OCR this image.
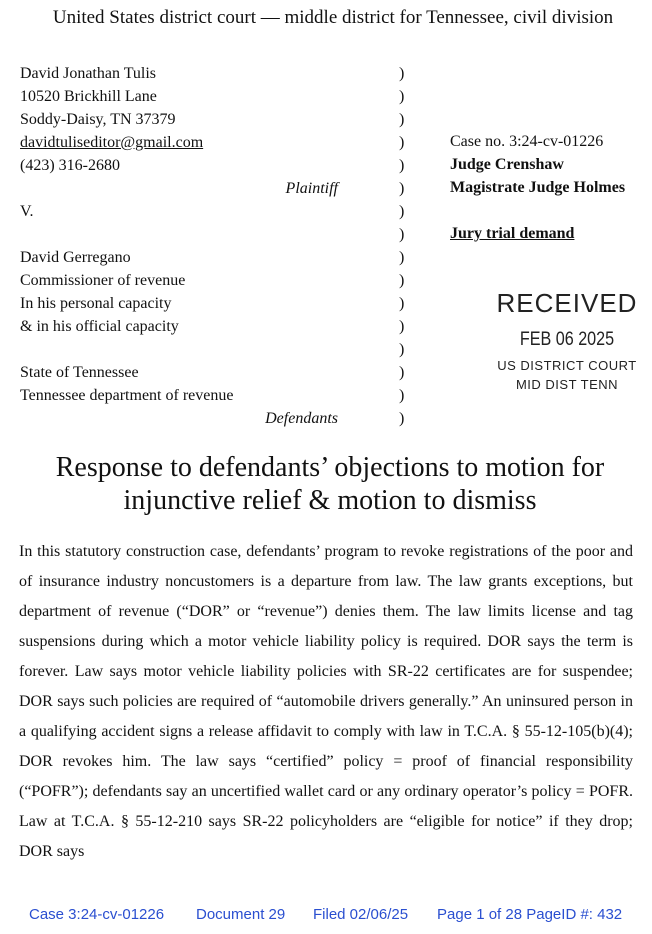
United States district court — middle district for Tennessee, civil division
David Jonathan Tulis
10520 Brickhill Lane
Soddy-Daisy, TN 37379
davidtuliseditor@gmail.com
(423) 316-2680
Plaintiff
V.
David Gerregano
Commissioner of revenue
In his personal capacity
& in his official capacity
State of Tennessee
Tennessee department of revenue
Defendants
)
)
)
)
)
)
)
)
)
)
)
)
)
)
)
)
Case no. 3:24-cv-01226
Judge Crenshaw
Magistrate Judge Holmes
Jury trial demand
RECEIVED
FEB 06 2025
US DISTRICT COURT
MID DIST TENN
Response to defendants’ objections to motion for
injunctive relief & motion to dismiss
In this statutory construction case, defendants’ program to revoke registrations of the poor and of insurance industry noncustomers is a departure from law. The law grants exceptions, but department of revenue (“DOR” or “revenue”) denies them. The law limits license and tag suspensions during which a motor vehicle liability policy is required. DOR says the term is forever. Law says motor vehicle liability policies with SR-22 certificates are for suspendee; DOR says such policies are required of “automobile drivers generally.” An uninsured person in a qualifying accident signs a release affidavit to comply with law in T.C.A. § 55-12-105(b)(4); DOR revokes him. The law says “certified” policy = proof of financial responsibility (“POFR”); defendants say an uncertified wallet card or any ordinary operator’s policy = POFR. Law at T.C.A. § 55-12-210 says SR-22 policyholders are “eligible for notice” if they drop; DOR says
Case 3:24-cv-01226 Document 29 Filed 02/06/25 Page 1 of 28 PageID #: 432
